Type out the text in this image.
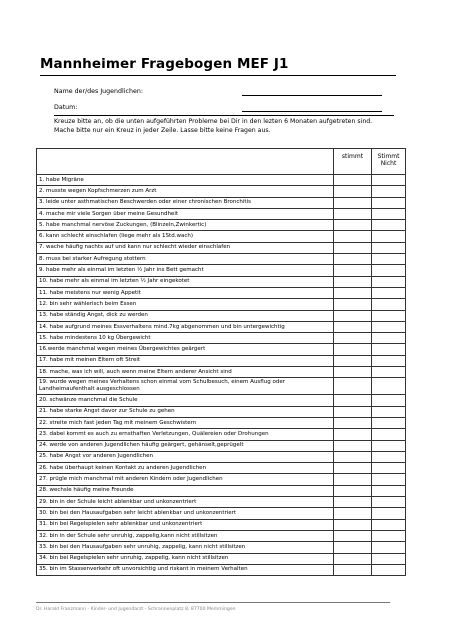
Mannheimer Fragebogen MEF J1
Name der/des Jugendlichen:
Datum:
Kreuze bitte an, ob die unten aufgeführten Probleme bei Dir in den lezten 6 Monaten aufgetreten sind. Mache bitte nur ein Kreuz in jeder Zeile. Lasse bitte keine Fragen aus.
	stimmt	Stimmt Nicht
1. habe Migräne		
2. musste wegen Kopfschmerzen zum Arzt		
3. leide unter asthmatischen Beschwerden oder einer chronischen Bronchitis		
4. mache mir viele Sorgen über meine Gesundheit		
5. habe manchmal nervöse Zuckungen, (Blinzeln,Zwinkertic)		
6. kann schlecht einschlafen (liege mehr als 1Std.wach)		
7. wache häufig nachts auf und kann nur schlecht wieder einschlafen		
8. muss bei starker Aufregung stottern		
9. habe mehr als einmal im letzten ½ Jahr ins Bett gemacht		
10. habe mehr als einmal im letzten ½ Jahr eingekotet		
11. habe meistens nur wenig Appetit		
12. bin sehr wählerisch beim Essen		
13. habe ständig Angst, dick zu werden		
14. habe aufgrund meines Essverhaltens mind.7kg abgenommen und bin untergewichtig		
15. habe mindestens 10 kg Übergewicht		
16.werde manchmal wegen meines Übergewichtes geärgert		
17. habe mit meinen Eltern oft Streit		
18. mache, was ich will, auch wenn meine Eltern anderer Ansicht sind		
19. wurde wegen meines Verhaltens schon einmal vom Schulbesuch, einem Ausflug oder Landheimaufenthalt ausgeschlossen		
20. schwänze manchmal die Schule		
21. habe starke Angst davor zur Schule zu gehen		
22. streite mich fast jeden Tag mit meinem Geschwistern		
23. dabei kommt es auch zu ernsthaften Verletzungen, Quälereien oder Drohungen		
24. werde von anderen Jugendlichen häufig geärgert, gehänselt,geprügelt		
25. habe Angst vor anderen Jugendlichen		
26. habe überhaupt keinen Kontakt zu anderen Jugendlichen		
27. prügle mich manchmal mit anderen Kindern oder Jugendlichen		
28. wechsle häufig meine Freunde		
29. bin in der Schule leicht ablenkbar und unkonzentriert		
30. bin bei den Hausaufgaben sehr leicht ablenkbar und unkonzentriert		
31. bin bei Regelspielen sehr ablenkbar und unkonzentriert		
32. bin in der Schule sehr unruhig, zappelig,kann nicht stillsitzen		
33. bin bei den Hausaufgaben sehr unruhig, zappelig, kann nicht stillsitzen		
34. bin bei Regelspielen sehr unruhig, zappelig, kann nicht stillsitzen		
35. bin im Stassenverkehr oft unvorsichtig und riskant in meinem Verhalten		
Dr. Harald Franzmann - Kinder- und Jugendarzt - Schrannenplatz 8, 87700 Memmingen
